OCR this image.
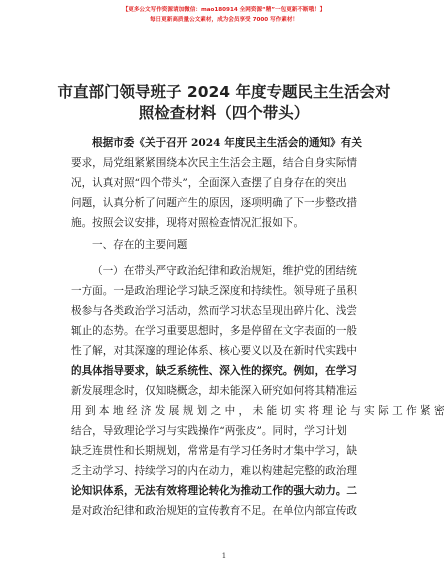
【更多公文写作资源请加微信：mao180914 全网资源“精”一包更新不断哦！】
每日更新高质量公文素材，成为会员享受 7000 写作素材！
市直部门领导班子 2024 年度专题民主生活会对
照检查材料（四个带头）
根据市委《关于召开 2024 年度民主生活会的通知》有关
要求，局党组紧紧围绕本次民主生活会主题，结合自身实际情
况，认真对照“四个带头”，全面深入查摆了自身存在的突出
问题，认真分析了问题产生的原因，逐项明确了下一步整改措
施。按照会议安排，现将对照检查情况汇报如下。
一、存在的主要问题
（一）在带头严守政治纪律和政治规矩，维护党的团结统
一方面。一是政治理论学习缺乏深度和持续性。领导班子虽积
极参与各类政治学习活动，然而学习状态呈现出碎片化、浅尝
辄止的态势。在学习重要思想时，多是停留在文字表面的一般
性了解，对其深邃的理论体系、核心要义以及在新时代实践中
的具体指导要求，缺乏系统性、深入性的探究。例如，在学习
新发展理念时，仅知晓概念，却未能深入研究如何将其精准运
用 到 本 地 经 济 发 展 规 划 之 中 ， 未 能 切 实 将 理 论 与 实 际 工 作 紧 密
结合，导致理论学习与实践操作“两张皮”。同时，学习计划
缺乏连贯性和长期规划，常常是有学习任务时才集中学习，缺
乏主动学习、持续学习的内在动力，难以构建起完整的政治理
论知识体系，无法有效将理论转化为推动工作的强大动力。二
是对政治纪律和政治规矩的宣传教育不足。在单位内部宣传政
1
